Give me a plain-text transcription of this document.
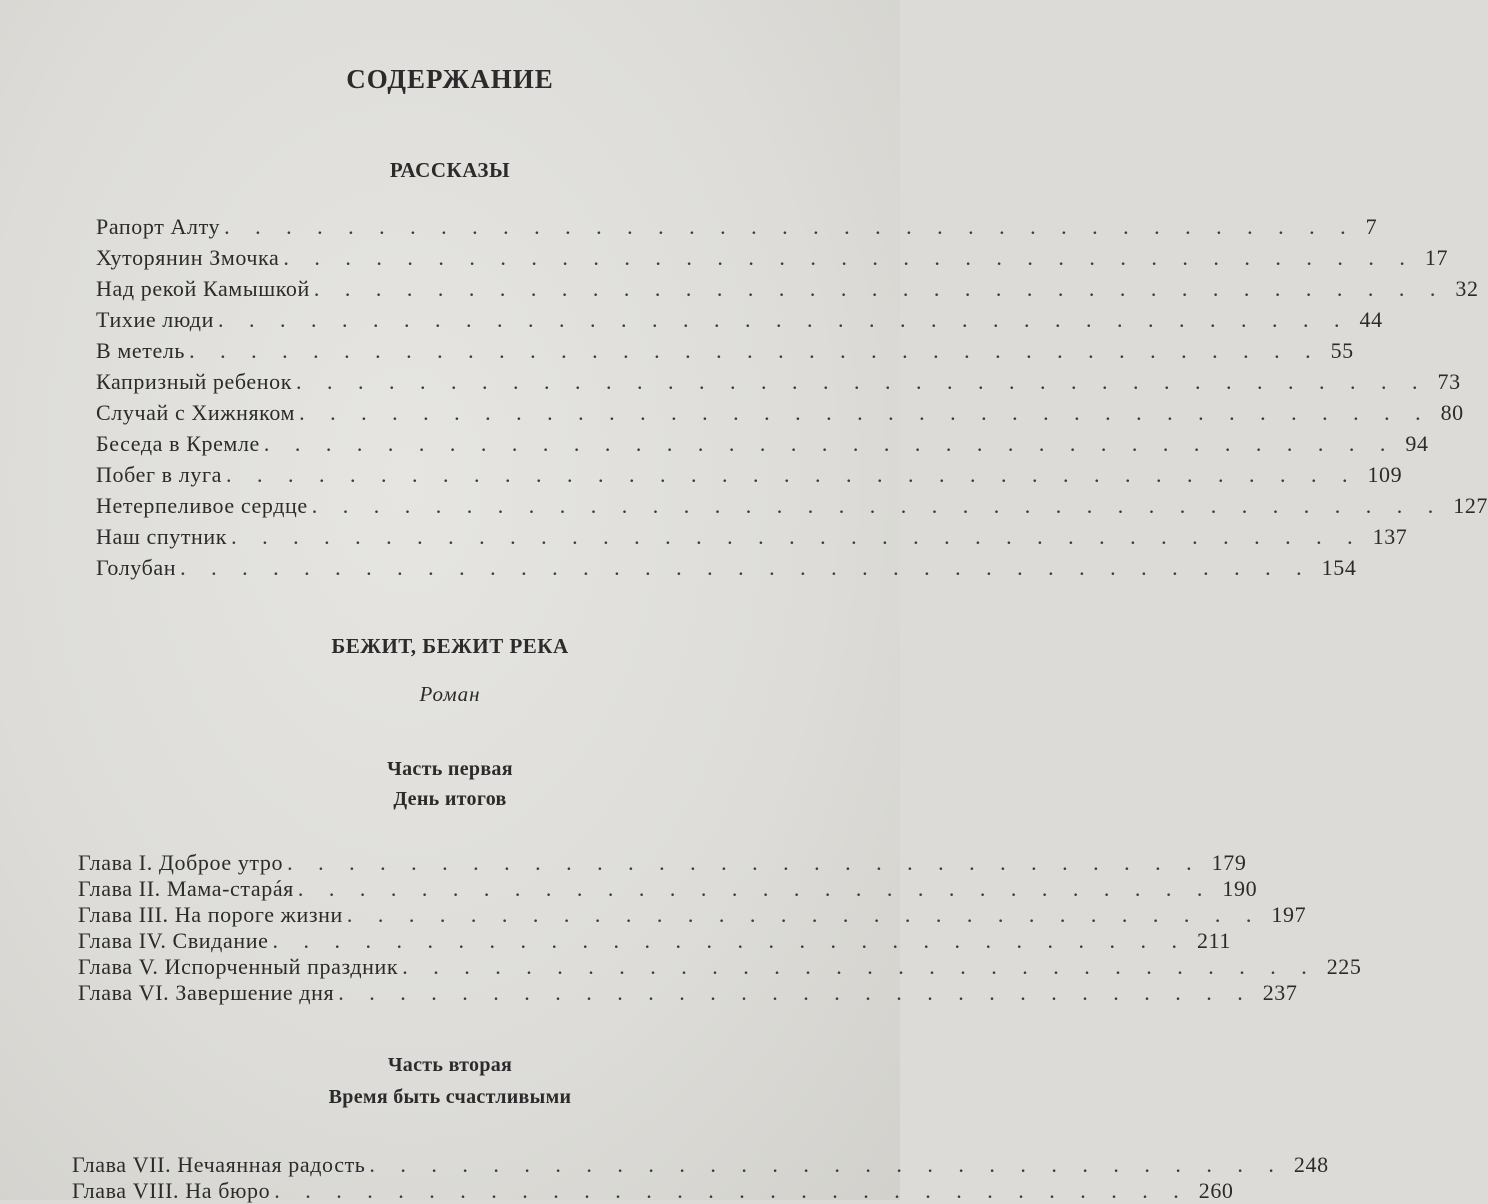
СОДЕРЖАНИЕ
РАССКАЗЫ
Рапорт Алту . . . . . . . . . . . . . . . . . . . . . . . . . . . . . . . . . . . . . 7
Хуторянин Змочка . . . . . . . . . . . . . . . . . . . . . . . . . . . . . . . . . . . . . 17
Над рекой Камышкой . . . . . . . . . . . . . . . . . . . . . . . . . . . . . . . . . . . . . 32
Тихие люди . . . . . . . . . . . . . . . . . . . . . . . . . . . . . . . . . . . . . 44
В метель . . . . . . . . . . . . . . . . . . . . . . . . . . . . . . . . . . . . . 55
Капризный ребенок . . . . . . . . . . . . . . . . . . . . . . . . . . . . . . . . . . . . . 73
Случай с Хижняком . . . . . . . . . . . . . . . . . . . . . . . . . . . . . . . . . . . . . 80
Беседа в Кремле . . . . . . . . . . . . . . . . . . . . . . . . . . . . . . . . . . . . . 94
Побег в луга . . . . . . . . . . . . . . . . . . . . . . . . . . . . . . . . . . . . . 109
Нетерпеливое сердце . . . . . . . . . . . . . . . . . . . . . . . . . . . . . . . . . . . . . 127
Наш спутник . . . . . . . . . . . . . . . . . . . . . . . . . . . . . . . . . . . . . 137
Голубан . . . . . . . . . . . . . . . . . . . . . . . . . . . . . . . . . . . . . 154
БЕЖИТ, БЕЖИТ РЕКА
Роман
Часть первая
День итогов
Глава I. Доброе утро . . . . . . . . . . . . . . . . . . . . . . . . . . . . . . 179
Глава II. Мама-старáя . . . . . . . . . . . . . . . . . . . . . . . . . . . . . . 190
Глава III. На пороге жизни . . . . . . . . . . . . . . . . . . . . . . . . . . . . . . 197
Глава IV. Свидание . . . . . . . . . . . . . . . . . . . . . . . . . . . . . . 211
Глава V. Испорченный праздник . . . . . . . . . . . . . . . . . . . . . . . . . . . . . . 225
Глава VI. Завершение дня . . . . . . . . . . . . . . . . . . . . . . . . . . . . . . 237
Часть вторая
Время быть счастливыми
Глава VII. Нечаянная радость . . . . . . . . . . . . . . . . . . . . . . . . . . . . . . 248
Глава VIII. На бюро . . . . . . . . . . . . . . . . . . . . . . . . . . . . . . 260
